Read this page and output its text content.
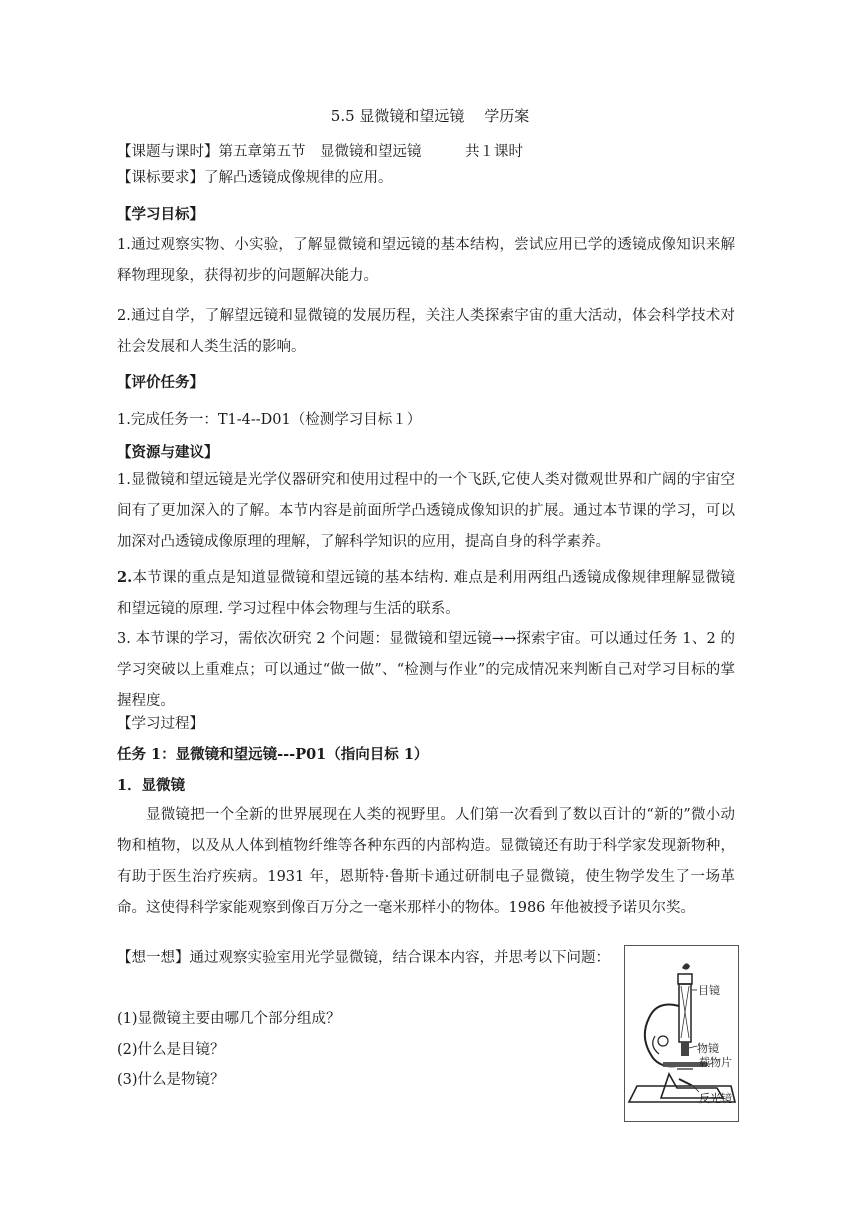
5.5 显微镜和望远镜　 学历案
【课题与课时】第五章第五节　显微镜和望远镜　　　共１课时
【课标要求】了解凸透镜成像规律的应用。
【学习目标】
1.通过观察实物、小实验，了解显微镜和望远镜的基本结构，尝试应用已学的透镜成像知识来解释物理现象，获得初步的问题解决能力。
2.通过自学，了解望远镜和显微镜的发展历程，关注人类探索宇宙的重大活动，体会科学技术对社会发展和人类生活的影响。
【评价任务】
1.完成任务一：T1-4--D01（检测学习目标１）
【资源与建议】
1.显微镜和望远镜是光学仪器研究和使用过程中的一个飞跃,它使人类对微观世界和广阔的宇宙空间有了更加深入的了解。本节内容是前面所学凸透镜成像知识的扩展。通过本节课的学习，可以加深对凸透镜成像原理的理解，了解科学知识的应用，提高自身的科学素养。
2.本节课的重点是知道显微镜和望远镜的基本结构. 难点是利用两组凸透镜成像规律理解显微镜和望远镜的原理. 学习过程中体会物理与生活的联系。
3. 本节课的学习，需依次研究 2 个问题：显微镜和望远镜→→探索宇宙。可以通过任务 1、2 的学习突破以上重难点；可以通过“做一做”、“检测与作业”的完成情况来判断自己对学习目标的掌握程度。
【学习过程】
任务 1：显微镜和望远镜---P01（指向目标 1）
1．显微镜
显微镜把一个全新的世界展现在人类的视野里。人们第一次看到了数以百计的“新的”微小动物和植物，以及从人体到植物纤维等各种东西的内部构造。显微镜还有助于科学家发现新物种，有助于医生治疗疾病。1931 年，恩斯特·鲁斯卡通过研制电子显微镜，使生物学发生了一场革命。这使得科学家能观察到像百万分之一毫米那样小的物体。1986 年他被授予诺贝尔奖。
【想一想】通过观察实验室用光学显微镜，结合课本内容，并思考以下问题：
(1)显微镜主要由哪几个部分组成？
(2)什么是目镜？
(3)什么是物镜？
目镜
物镜
载物片
反光镜
